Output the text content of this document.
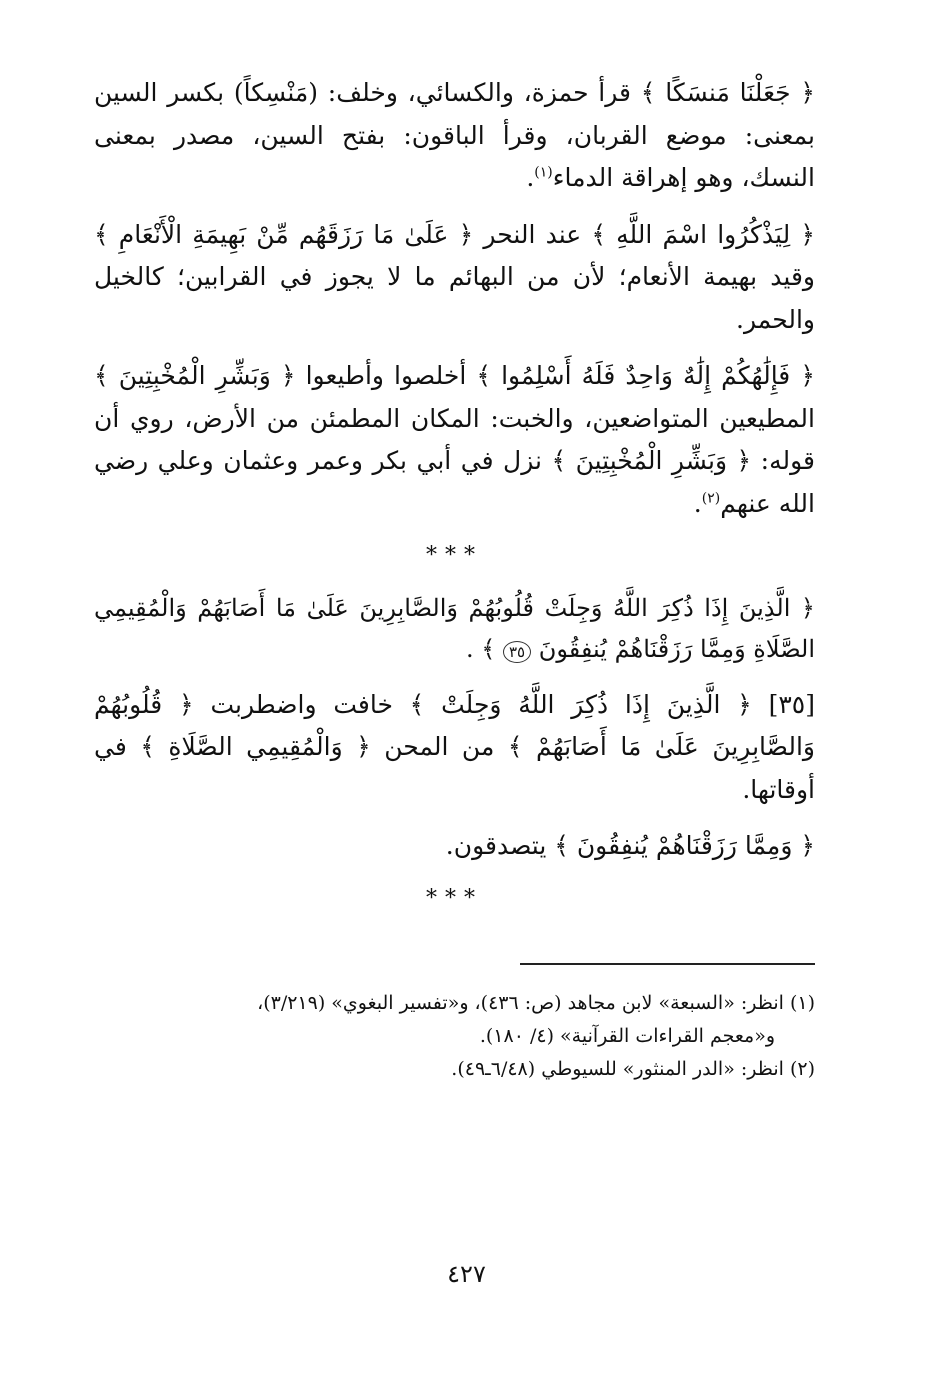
﴿ جَعَلْنَا مَنسَكًا ﴾ قرأ حمزة، والكسائي، وخلف: (مَنْسِكاً) بكسر السين بمعنى: موضع القربان، وقرأ الباقون: بفتح السين، مصدر بمعنى النسك، وهو إهراقة الدماء$^{(١)}$.

﴿ لِيَذْكُرُوا اسْمَ اللَّهِ ﴾ عند النحر ﴿ عَلَىٰ مَا رَزَقَهُم مِّنْ بَهِيمَةِ الْأَنْعَامِ ﴾ وقيد بهيمة الأنعام؛ لأن من البهائم ما لا يجوز في القرابين؛ كالخيل والحمر.

﴿ فَإِلَٰهُكُمْ إِلَٰهٌ وَاحِدٌ فَلَهُ أَسْلِمُوا ﴾ أخلصوا وأطيعوا ﴿ وَبَشِّرِ الْمُخْبِتِينَ ﴾ المطيعين المتواضعين، والخبت: المكان المطمئن من الأرض، روي أن قوله: ﴿ وَبَشِّرِ الْمُخْبِتِينَ ﴾ نزل في أبي بكر وعمر وعثمان وعلي رضي الله عنهم$^{(٢)}$.

***

﴿ الَّذِينَ إِذَا ذُكِرَ اللَّهُ وَجِلَتْ قُلُوبُهُمْ وَالصَّابِرِينَ عَلَىٰ مَا أَصَابَهُمْ وَالْمُقِيمِي الصَّلَاةِ وَمِمَّا رَزَقْنَاهُمْ يُنفِقُونَ ٣٥ ﴾ .

[٣٥] ﴿ الَّذِينَ إِذَا ذُكِرَ اللَّهُ وَجِلَتْ ﴾ خافت واضطربت ﴿ قُلُوبُهُمْ وَالصَّابِرِينَ عَلَىٰ مَا أَصَابَهُمْ ﴾ من المحن ﴿ وَالْمُقِيمِي الصَّلَاةِ ﴾ في أوقاتها.

﴿ وَمِمَّا رَزَقْنَاهُمْ يُنفِقُونَ ﴾ يتصدقون.

***

(١) انظر: «السبعة» لابن مجاهد (ص: ٤٣٦)، و«تفسير البغوي» (٣/٢١٩)،

و«معجم القراءات القرآنية» (٤/ ١٨٠).

(٢) انظر: «الدر المنثور» للسيوطي (٦/٤٨ـ٤٩).

٤٢٧
